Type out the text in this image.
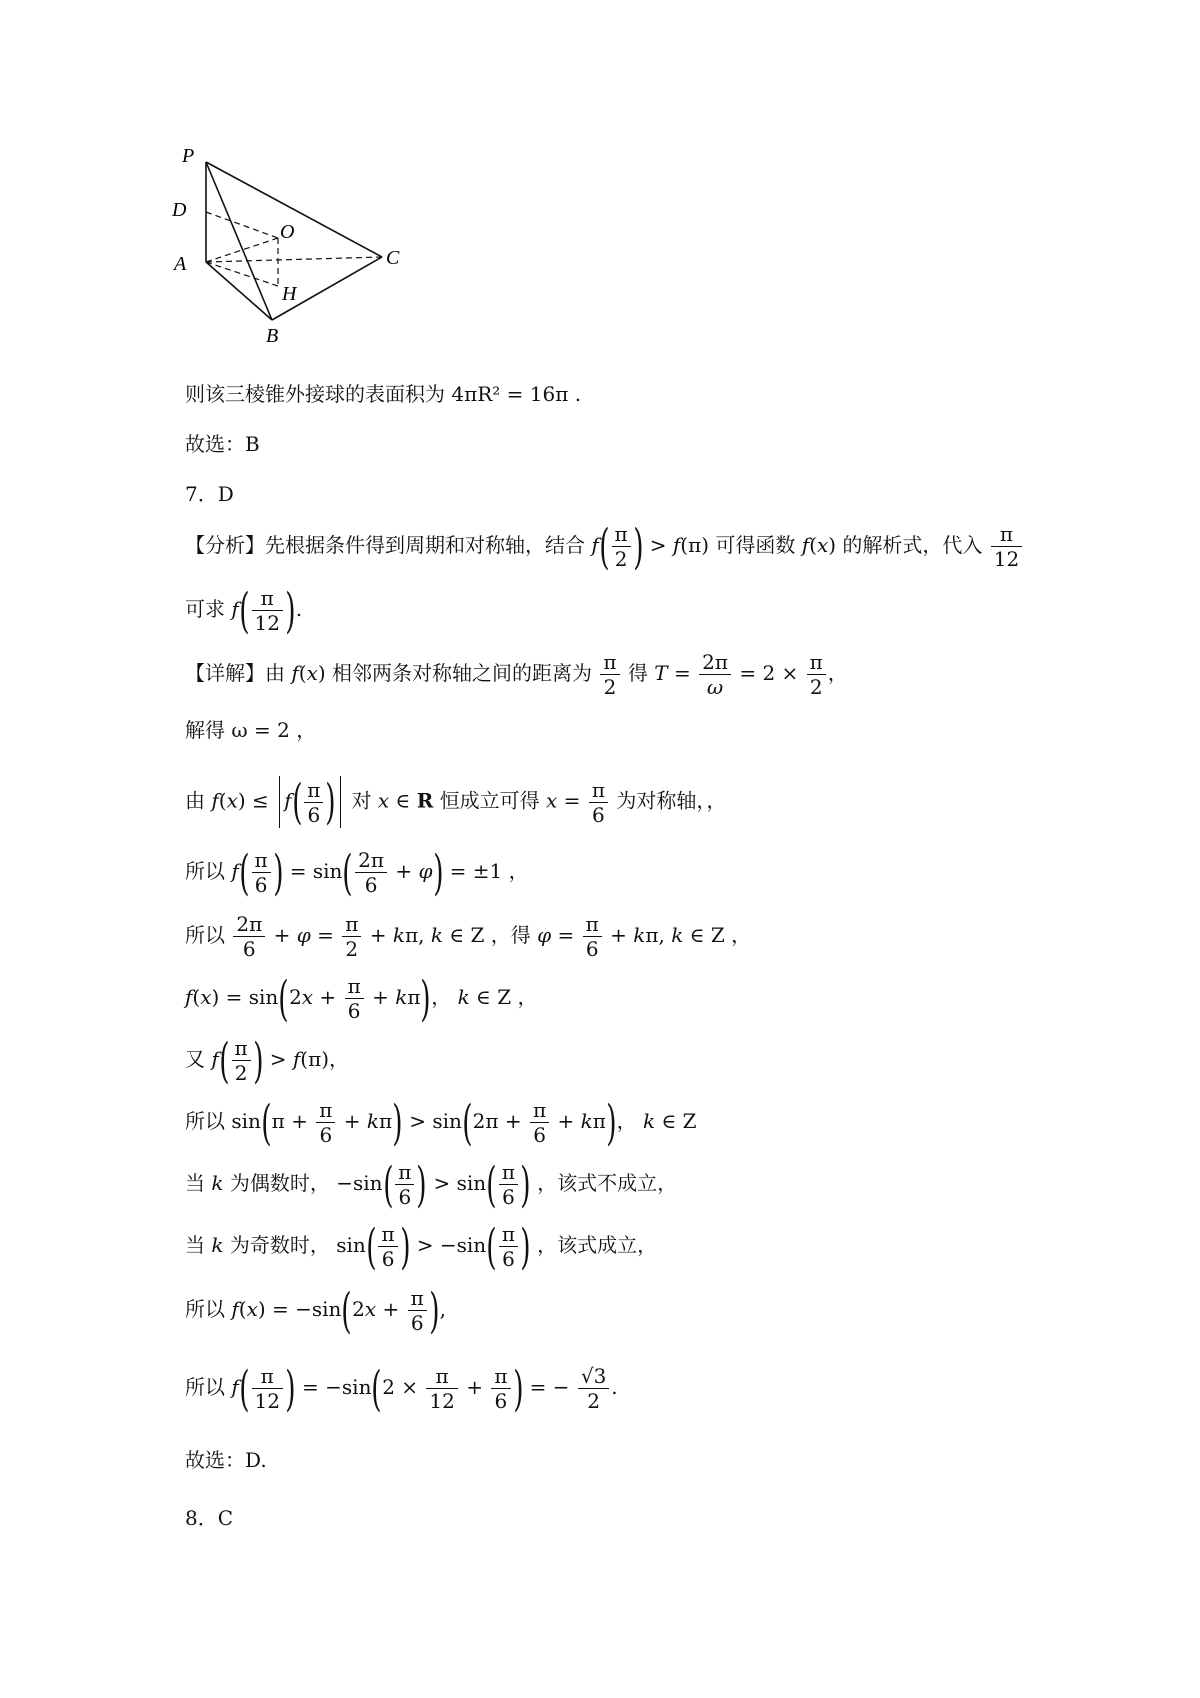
P
D
O
A	C
H
B
则该三棱锥外接球的表面积为 4πR² = 16π .
故选：B
7．D
【分析】先根据条件得到周期和对称轴，结合 $f( \frac{\pi}{2}$ ) > f(π) 可得函数 f(x) 的解析式，代入 $\frac{\pi}{12}$
可求 $f( \frac{\pi}{12}$ ).
【详解】由 f(x) 相邻两条对称轴之间的距离为 $\frac{\pi}{2}$ 得 $T = \frac{2\pi}{\omega} = 2 \times \frac{\pi}{2}$ ，
解得 ω = 2 ，
由 $f(x) \le f( \frac{\pi}{6}$ ) 对 x ∈ R 恒成立可得 $x = \frac{\pi}{6}$ 为对称轴，，
所以 $f( \frac{\pi}{6}$ ) = $\sin( \frac{2\pi}{6} + \varphi) = \pm 1$ ，
所以 $\frac{2\pi}{6} + \varphi = \frac{\pi}{2} + k\pi$, k ∈ Z ，得 $\varphi = \frac{\pi}{6} + k\pi$, k ∈ Z ，
$f(x) = \sin(2x + \frac{\pi}{6} + k\pi)$， k ∈ Z ，
又 $f( \frac{\pi}{2}$ ) > f(π)，
所以 $\sin(\pi + \frac{\pi}{6} + k\pi) > \sin(2\pi + \frac{\pi}{6} + k\pi)$， k ∈ Z
当 k 为偶数时， $-\sin( \frac{\pi}{6}$ ) > $\sin( \frac{\pi}{6}$ ) ，该式不成立，
当 k 为奇数时， $\sin( \frac{\pi}{6}$ ) > $-\sin( \frac{\pi}{6}$ ) ，该式成立，
所以 $f(x) = -\sin(2x + \frac{\pi}{6}$ ),
所以 $f( \frac{\pi}{12}$ ) = $-\sin(2 \times \frac{\pi}{12} + \frac{\pi}{6}$ ) = − $\frac{√3}{2}$ .
故选：D.
8．C
